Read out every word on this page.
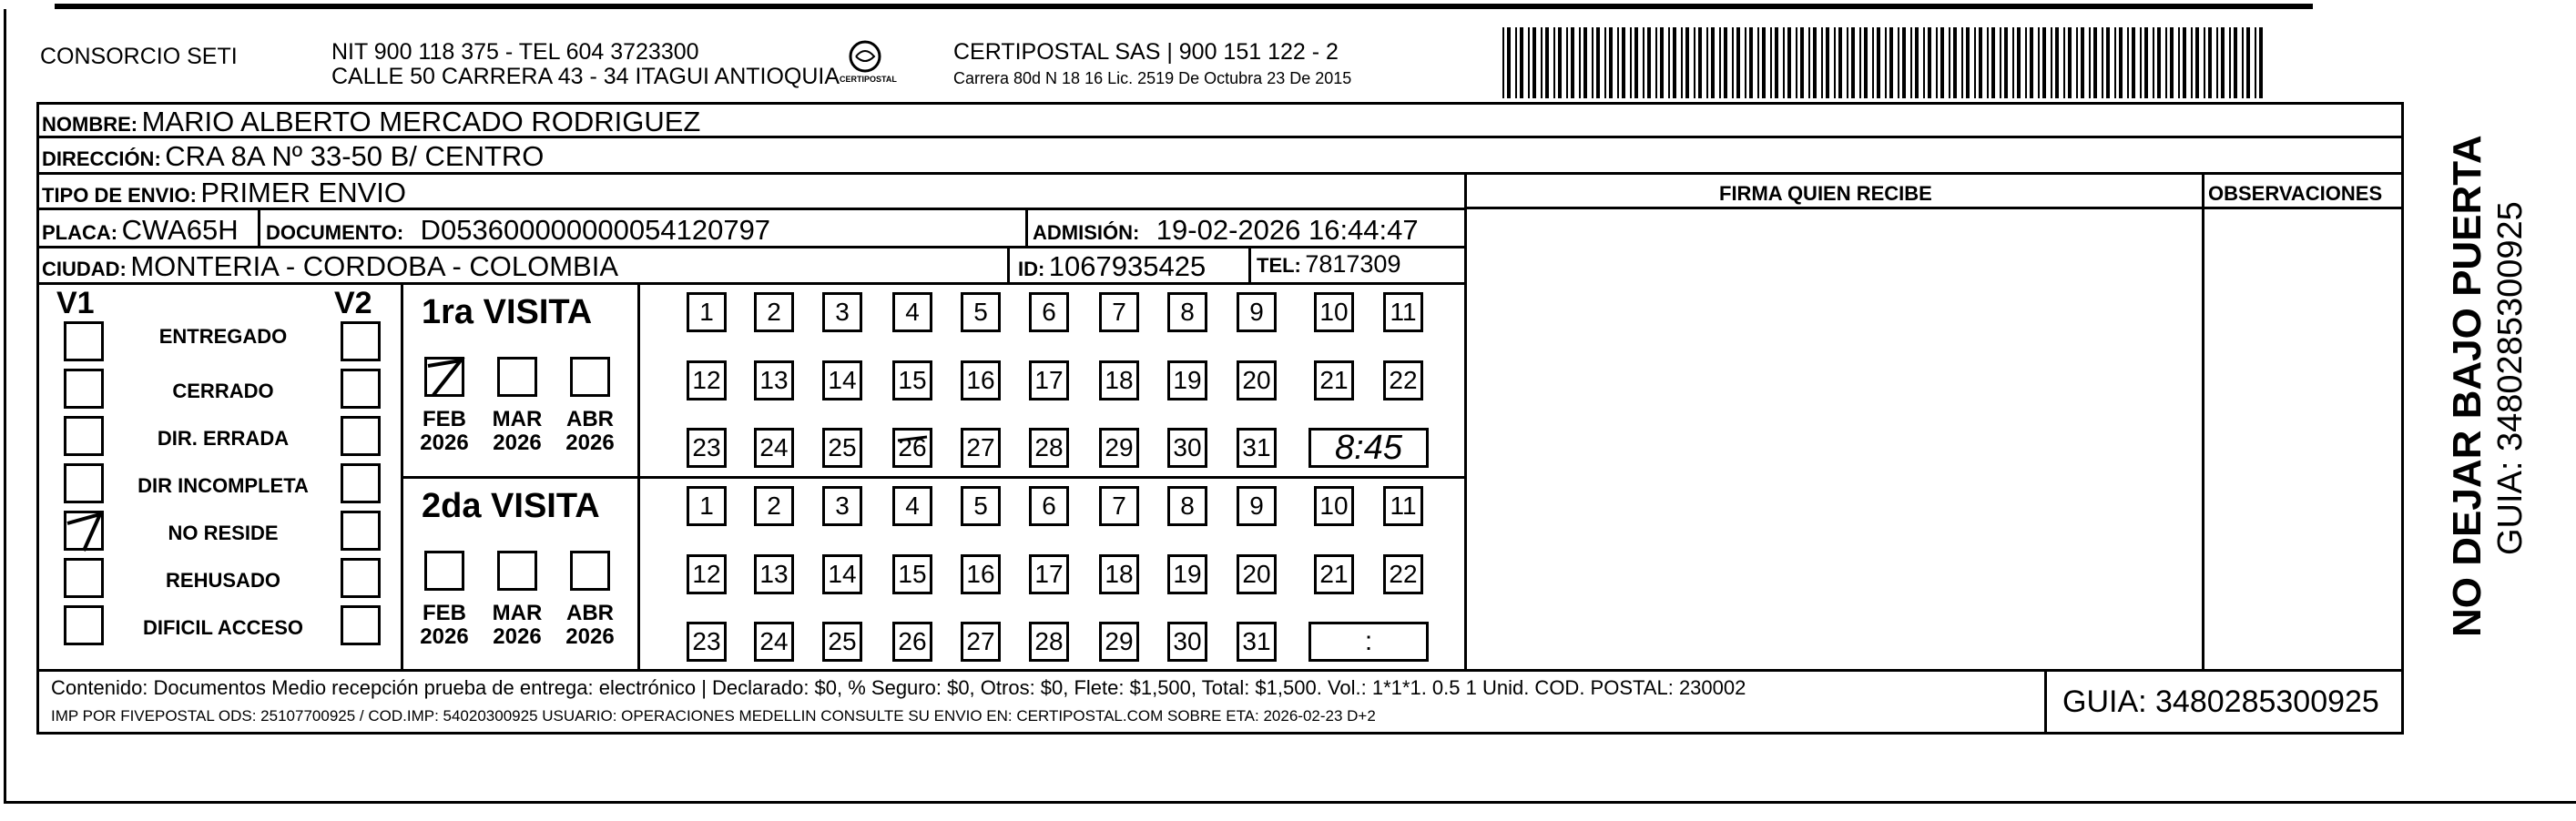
CONSORCIO SETI	NIT 900 118 375 - TEL 604 3723300
CALLE 50 CARRERA 43 - 34 ITAGUI ANTIOQUIA CERTIPOSTAL
CERTIPOSTAL SAS | 900 151 122 - 2
Carrera 80d N 18 16 Lic. 2519 De Octubra 23 De 2015
NOMBRE: MARIO ALBERTO MERCADO RODRIGUEZ
DIRECCIÓN: CRA 8A Nº 33-50 B/ CENTRO
TIPO DE ENVIO: PRIMER ENVIO
PLACA: CWA65H DOCUMENTO: D053600000000054120797	ADMISIÓN: 19-02-2026 16:44:47
CIUDAD: MONTERIA - CORDOBA - COLOMBIA	ID: 1067935425	TEL: 7817309
FIRMA QUIEN RECIBE	OBSERVACIONES
V1	V2
ENTREGADO
CERRADO
DIR. ERRADA
DIR INCOMPLETA
NO RESIDE
REHUSADO
DIFICIL ACCESO
1ra VISITA
FEB
2026
MAR
2026
ABR
2026
1	2	3	4	5	6	7	8	9	10 11
12 13 14 15 16 17 18 19 20 21 22
23 24 25 26 27 28 29 30 31	8:45
2da VISITA
FEB
2026
MAR
2026
ABR
2026
1	2	3	4	5	6	7	8	9	10 11
12 13 14 15 16 17 18 19 20 21 22
23 24 25 26 27 28 29 30 31	:
Contenido: Documentos Medio recepción prueba de entrega: electrónico | Declarado: $0, % Seguro: $0, Otros: $0, Flete: $1,500, Total: $1,500. Vol.: 1*1*1. 0.5 1 Unid. COD. POSTAL: 230002
IMP POR FIVEPOSTAL ODS: 25107700925 / COD.IMP: 54020300925 USUARIO: OPERACIONES MEDELLIN CONSULTE SU ENVIO EN: CERTIPOSTAL.COM SOBRE ETA: 2026-02-23 D+2	GUIA: 3480285300925
NO DEJAR BAJO PUERTA GUIA: 3480285300925
